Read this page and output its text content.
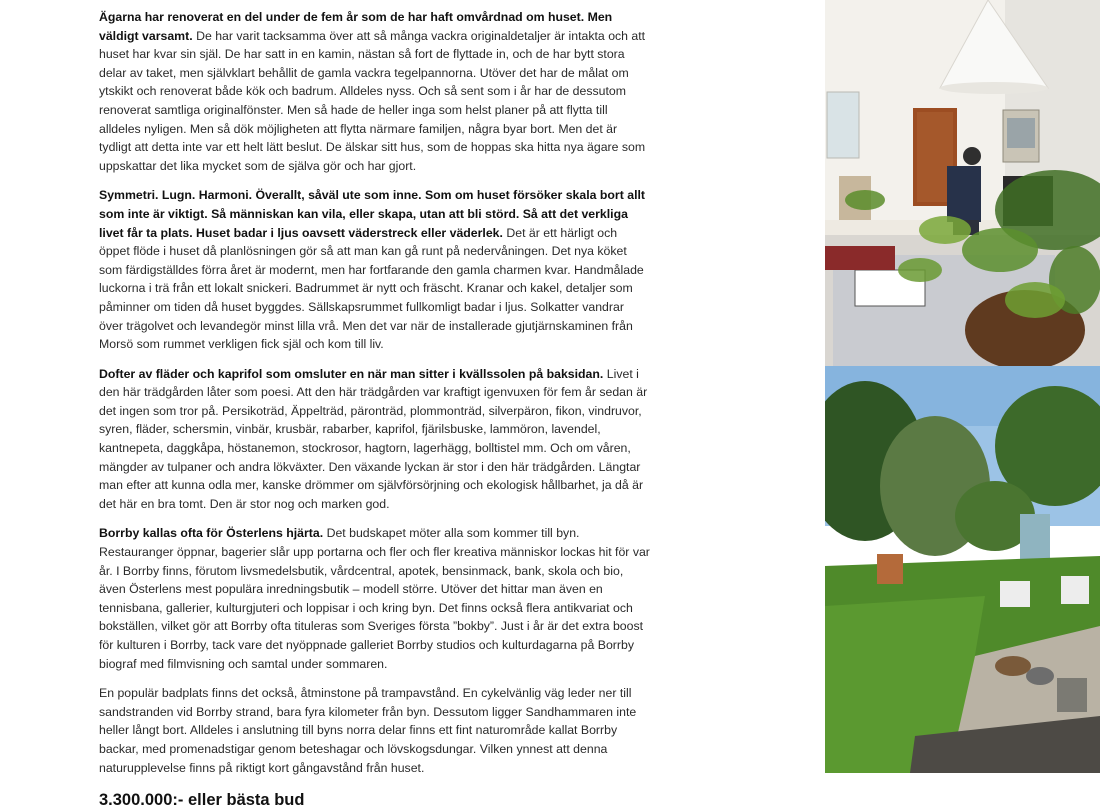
Ägarna har renoverat en del under de fem år som de har haft omvårdnad om huset. Men väldigt varsamt. De har varit tacksamma över att så många vackra originaldetaljer är intakta och att huset har kvar sin själ. De har satt in en kamin, nästan så fort de flyttade in, och de har bytt stora delar av taket, men självklart behållit de gamla vackra tegelpannorna. Utöver det har de målat om ytskikt och renoverat både kök och badrum. Alldeles nyss. Och så sent som i år har de dessutom renoverat samtliga originalfönster. Men så hade de heller inga som helst planer på att flytta till alldeles nyligen. Men så dök möjligheten att flytta närmare familjen, några byar bort. Men det är tydligt att detta inte var ett helt lätt beslut. De älskar sitt hus, som de hoppas ska hitta nya ägare som uppskattar det lika mycket som de själva gör och har gjort.

Symmetri. Lugn. Harmoni. Överallt, såväl ute som inne. Som om huset försöker skala bort allt som inte är viktigt. Så människan kan vila, eller skapa, utan att bli störd. Så att det verkliga livet får ta plats. Huset badar i ljus oavsett väderstreck eller väderlek. Det är ett härligt och öppet flöde i huset då planlösningen gör så att man kan gå runt på nedervåningen. Det nya köket som färdigställdes förra året är modernt, men har fortfarande den gamla charmen kvar. Handmålade luckorna i trä från ett lokalt snickeri. Badrummet är nytt och fräscht. Kranar och kakel, detaljer som påminner om tiden då huset byggdes. Sällskapsrummet fullkomligt badar i ljus. Solkatter vandrar över trägolvet och levandegör minst lilla vrå. Men det var när de installerade gjutjärnskaminen från Morsö som rummet verkligen fick själ och kom till liv.

Dofter av fläder och kaprifol som omsluter en när man sitter i kvällssolen på baksidan. Livet i den här trädgården låter som poesi. Att den här trädgården var kraftigt igenvuxen för fem år sedan är det ingen som tror på. Persikoträd, Äppelträd, päronträd, plommonträd, silverpäron, fikon, vindruvor, syren, fläder, schersmin, vinbär, krusbär, rabarber, kaprifol, fjärilsbuske, lammöron, lavendel, kantnepeta, daggkåpa, höstanemon, stockrosor, hagtorn, lagerhägg, bolltistel mm. Och om våren, mängder av tulpaner och andra lökväxter. Den växande lyckan är stor i den här trädgården. Längtar man efter att kunna odla mer, kanske drömmer om självförsörjning och ekologisk hållbarhet, ja då är det här en bra tomt. Den är stor nog och marken god.

Borrby kallas ofta för Österlens hjärta. Det budskapet möter alla som kommer till byn. Restauranger öppnar, bagerier slår upp portarna och fler och fler kreativa människor lockas hit för var år. I Borrby finns, förutom livsmedelsbutik, vårdcentral, apotek, bensinmack, bank, skola och bio, även Österlens mest populära inredningsbutik – modell större. Utöver det hittar man även en tennisbana, gallerier, kulturgjuteri och loppisar i och kring byn. Det finns också flera antikvariat och bokställen, vilket gör att Borrby ofta tituleras som Sveriges första ”bokby”. Just i år är det extra boost för kulturen i Borrby, tack vare det nyöppnade galleriet Borrby studios och kulturdagarna på Borrby biograf med filmvisning och samtal under sommaren.

En populär badplats finns det också, åtminstone på trampavstånd. En cykelvänlig väg leder ner till sandstranden vid Borrby strand, bara fyra kilometer från byn. Dessutom ligger Sandhammaren inte heller långt bort. Alldeles i anslutning till byns norra delar finns ett fint naturområde kallat Borrby backar, med promenadstigar genom beteshagar och lövskogsdungar. Vilken ynnest att denna naturupplevelse finns på riktigt kort gångavstånd från huset.

3.300.000:- eller bästa bud
